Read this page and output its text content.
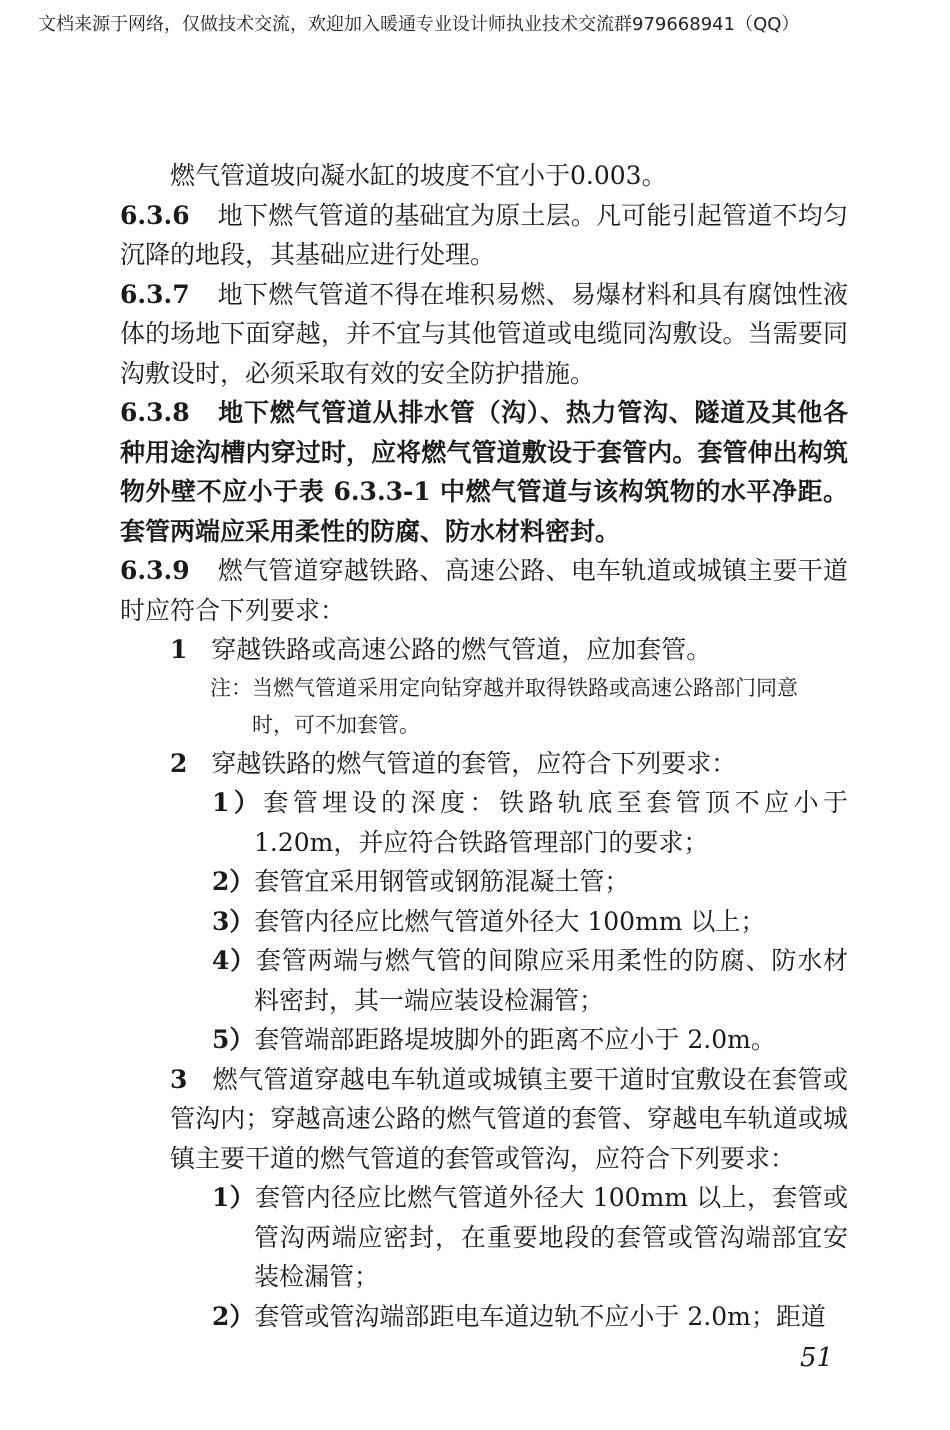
文档来源于网络，仅做技术交流，欢迎加入暖通专业设计师执业技术交流群979668941（QQ）

燃气管道坡向凝水缸的坡度不宜小于0.003。

6.3.6 地下燃气管道的基础宜为原土层。凡可能引起管道不均匀沉降的地段，其基础应进行处理。

6.3.7 地下燃气管道不得在堆积易燃、易爆材料和具有腐蚀性液体的场地下面穿越，并不宜与其他管道或电缆同沟敷设。当需要同沟敷设时，必须采取有效的安全防护措施。

6.3.8 地下燃气管道从排水管（沟）、热力管沟、隧道及其他各种用途沟槽内穿过时，应将燃气管道敷设于套管内。套管伸出构筑物外壁不应小于表 6.3.3-1 中燃气管道与该构筑物的水平净距。套管两端应采用柔性的防腐、防水材料密封。

6.3.9 燃气管道穿越铁路、高速公路、电车轨道或城镇主要干道时应符合下列要求：

1 穿越铁路或高速公路的燃气管道，应加套管。

注：当燃气管道采用定向钻穿越并取得铁路或高速公路部门同意
时，可不加套管。

2 穿越铁路的燃气管道的套管，应符合下列要求：

1）套管埋设的深度：铁路轨底至套管顶不应小于1.20m，并应符合铁路管理部门的要求；

2）套管宜采用钢管或钢筋混凝土管；

3）套管内径应比燃气管道外径大 100mm 以上；

4）套管两端与燃气管的间隙应采用柔性的防腐、防水材料密封，其一端应装设检漏管；

5）套管端部距路堤坡脚外的距离不应小于 2.0m。

3 燃气管道穿越电车轨道或城镇主要干道时宜敷设在套管或管沟内；穿越高速公路的燃气管道的套管、穿越电车轨道或城镇主要干道的燃气管道的套管或管沟，应符合下列要求：

1）套管内径应比燃气管道外径大 100mm 以上，套管或管沟两端应密封，在重要地段的套管或管沟端部宜安装检漏管；

2）套管或管沟端部距电车道边轨不应小于 2.0m；距道

51
